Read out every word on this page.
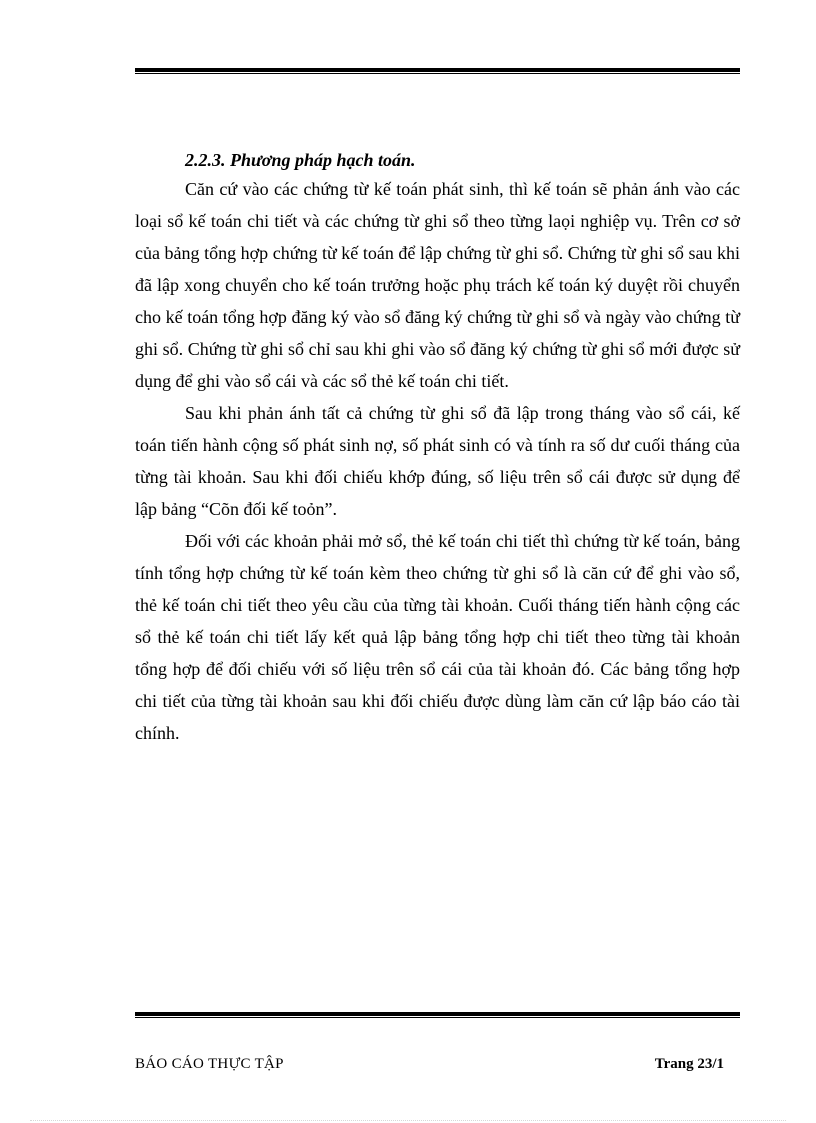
2.2.3. Phương pháp hạch toán.

Căn cứ vào các chứng từ kế toán phát sinh, thì kế toán sẽ phản ánh vào các loại sổ kế toán chi tiết và các chứng từ ghi sổ theo từng laọi nghiệp vụ. Trên cơ sở của bảng tổng hợp chứng từ kế toán để lập chứng từ ghi sổ. Chứng từ ghi sổ sau khi đã lập xong chuyển cho kế toán trưởng hoặc phụ trách kế toán ký duyệt rồi chuyển cho kế toán tổng hợp đăng ký vào sổ đăng ký chứng từ ghi sổ và ngày vào chứng từ ghi sổ. Chứng từ ghi sổ chỉ sau khi ghi vào sổ đăng ký chứng từ ghi sổ mới được sử dụng để ghi vào sổ cái và các sổ thẻ kế toán chi tiết.

Sau khi phản ánh tất cả chứng từ ghi sổ đã lập trong tháng vào sổ cái, kế toán tiến hành cộng số phát sinh nợ, số phát sinh có và tính ra số dư cuối tháng của từng tài khoản. Sau khi đối chiếu khớp đúng, số liệu trên sổ cái được sử dụng để lập bảng “Cõn đối kế toỏn”.

Đối với các khoản phải mở sổ, thẻ kế toán chi tiết thì chứng từ kế toán, bảng tính tổng hợp chứng từ kế toán kèm theo chứng từ ghi sổ là căn cứ để ghi vào sổ, thẻ kế toán chi tiết theo yêu cầu của từng tài khoản. Cuối tháng tiến hành cộng các sổ thẻ kế toán chi tiết lấy kết quả lập bảng tổng hợp chi tiết theo từng tài khoản tổng hợp để đối chiếu với số liệu trên sổ cái của tài khoản đó. Các bảng tổng hợp chi tiết của từng tài khoản sau khi đối chiếu được dùng làm căn cứ lập báo cáo tài chính.

BÁO CÁO THỰC TẬP	Trang 23/1
